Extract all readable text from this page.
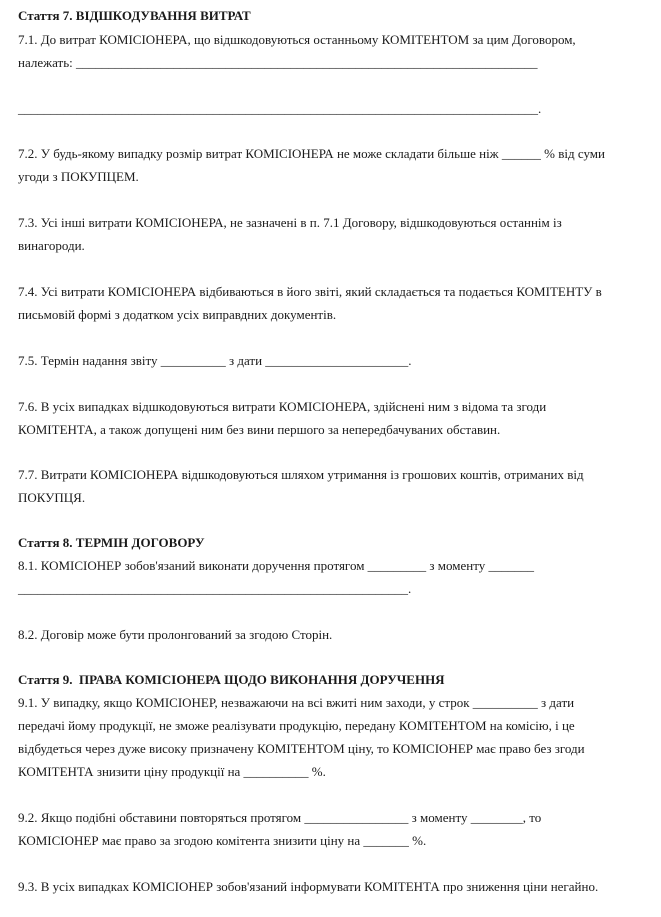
Стаття 7. ВІДШКОДУВАННЯ ВИТРАТ
7.1. До витрат КОМІСІОНЕРА, що відшкодовуються останньому КОМІТЕНТОМ за цим Договором,
належать: _______________________________________________________________________
________________________________________________________________________________.
7.2. У будь-якому випадку розмір витрат КОМІСІОНЕРА не може складати більше ніж ______ % від суми
угоди з ПОКУПЦЕМ.
7.3. Усі інші витрати КОМІСІОНЕРА, не зазначені в п. 7.1 Договору, відшкодовуються останнім із
винагороди.
7.4. Усі витрати КОМІСІОНЕРА відбиваються в його звіті, який складається та подається КОМІТЕНТУ в
письмовій формі з додатком усіх виправдних документів.
7.5. Термін надання звіту __________ з дати ______________________.
7.6. В усіх випадках відшкодовуються витрати КОМІСІОНЕРА, здійснені ним з відома та згоди
КОМІТЕНТА, а також допущені ним без вини першого за непередбачуваних обставин.
7.7. Витрати КОМІСІОНЕРА відшкодовуються шляхом утримання із грошових коштів, отриманих від
ПОКУПЦЯ.
Стаття 8. ТЕРМІН ДОГОВОРУ
8.1. КОМІСІОНЕР зобов'язаний виконати доручення протягом _________ з моменту _______
____________________________________________________________.
8.2. Договір може бути пролонгований за згодою Сторін.
Стаття 9.  ПРАВА КОМІСІОНЕРА ЩОДО ВИКОНАННЯ ДОРУЧЕННЯ
9.1. У випадку, якщо КОМІСІОНЕР, незважаючи на всі вжиті ним заходи, у строк __________ з дати
передачі йому продукції, не зможе реалізувати продукцію, передану КОМІТЕНТОМ на комісію, і це
відбудеться через дуже високу призначену КОМІТЕНТОМ ціну, то КОМІСІОНЕР має право без згоди
КОМІТЕНТА знизити ціну продукції на __________ %.
9.2. Якщо подібні обставини повторяться протягом ________________ з моменту ________, то
КОМІСІОНЕР має право за згодою комітента знизити ціну на _______ %.
9.3. В усіх випадках КОМІСІОНЕР зобов'язаний інформувати КОМІТЕНТА про зниження ціни негайно.
